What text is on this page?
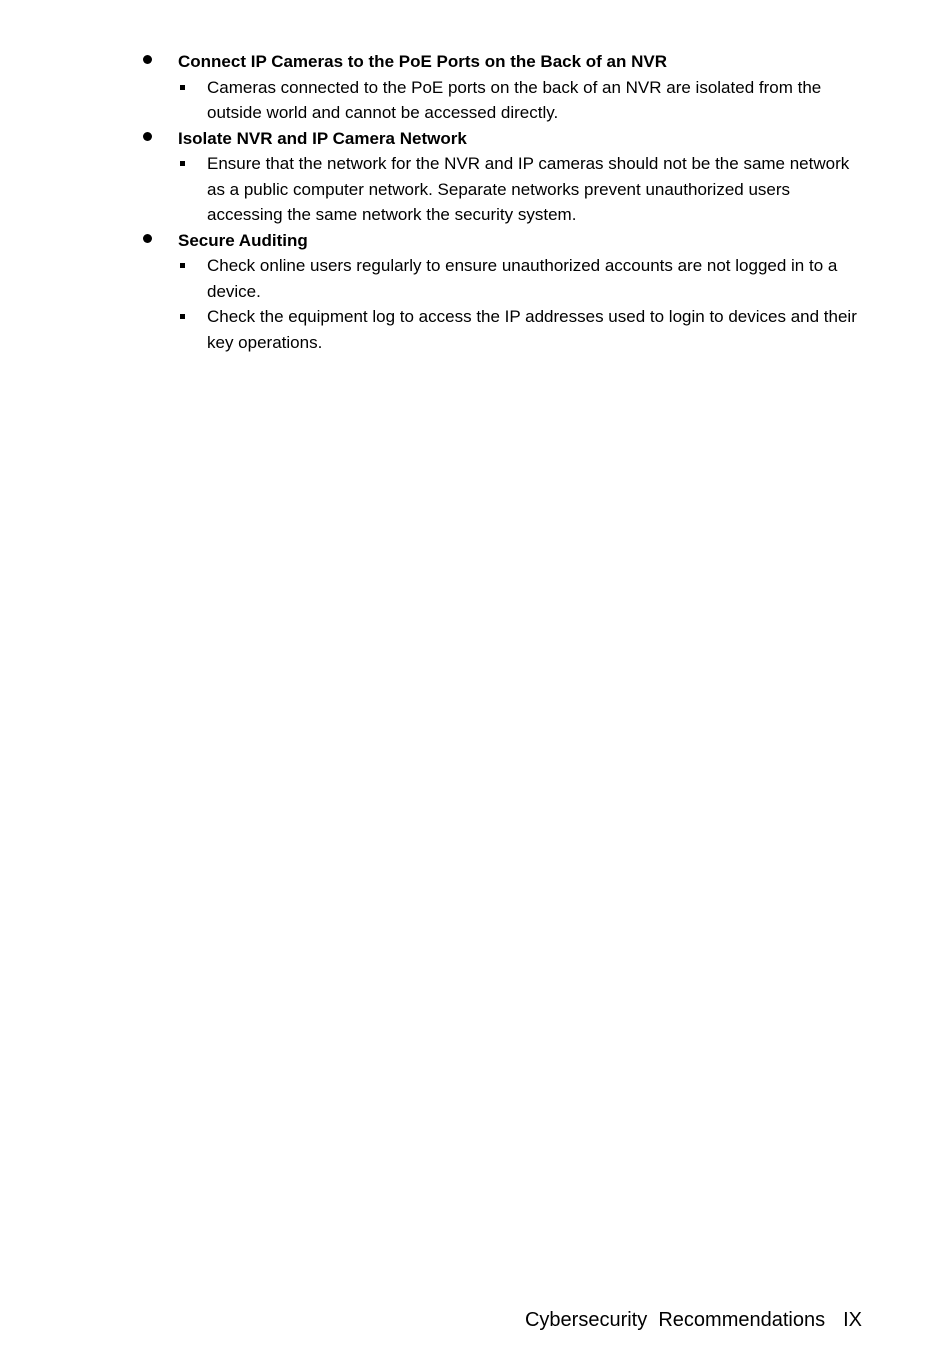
Connect IP Cameras to the PoE Ports on the Back of an NVR
Cameras connected to the PoE ports on the back of an NVR are isolated from the outside world and cannot be accessed directly.
Isolate NVR and IP Camera Network
Ensure that the network for the NVR and IP cameras should not be the same network as a public computer network. Separate networks prevent unauthorized users accessing the same network the security system.
Secure Auditing
Check online users regularly to ensure unauthorized accounts are not logged in to a device.
Check the equipment log to access the IP addresses used to login to devices and their key operations.
Cybersecurity  Recommendations IX
